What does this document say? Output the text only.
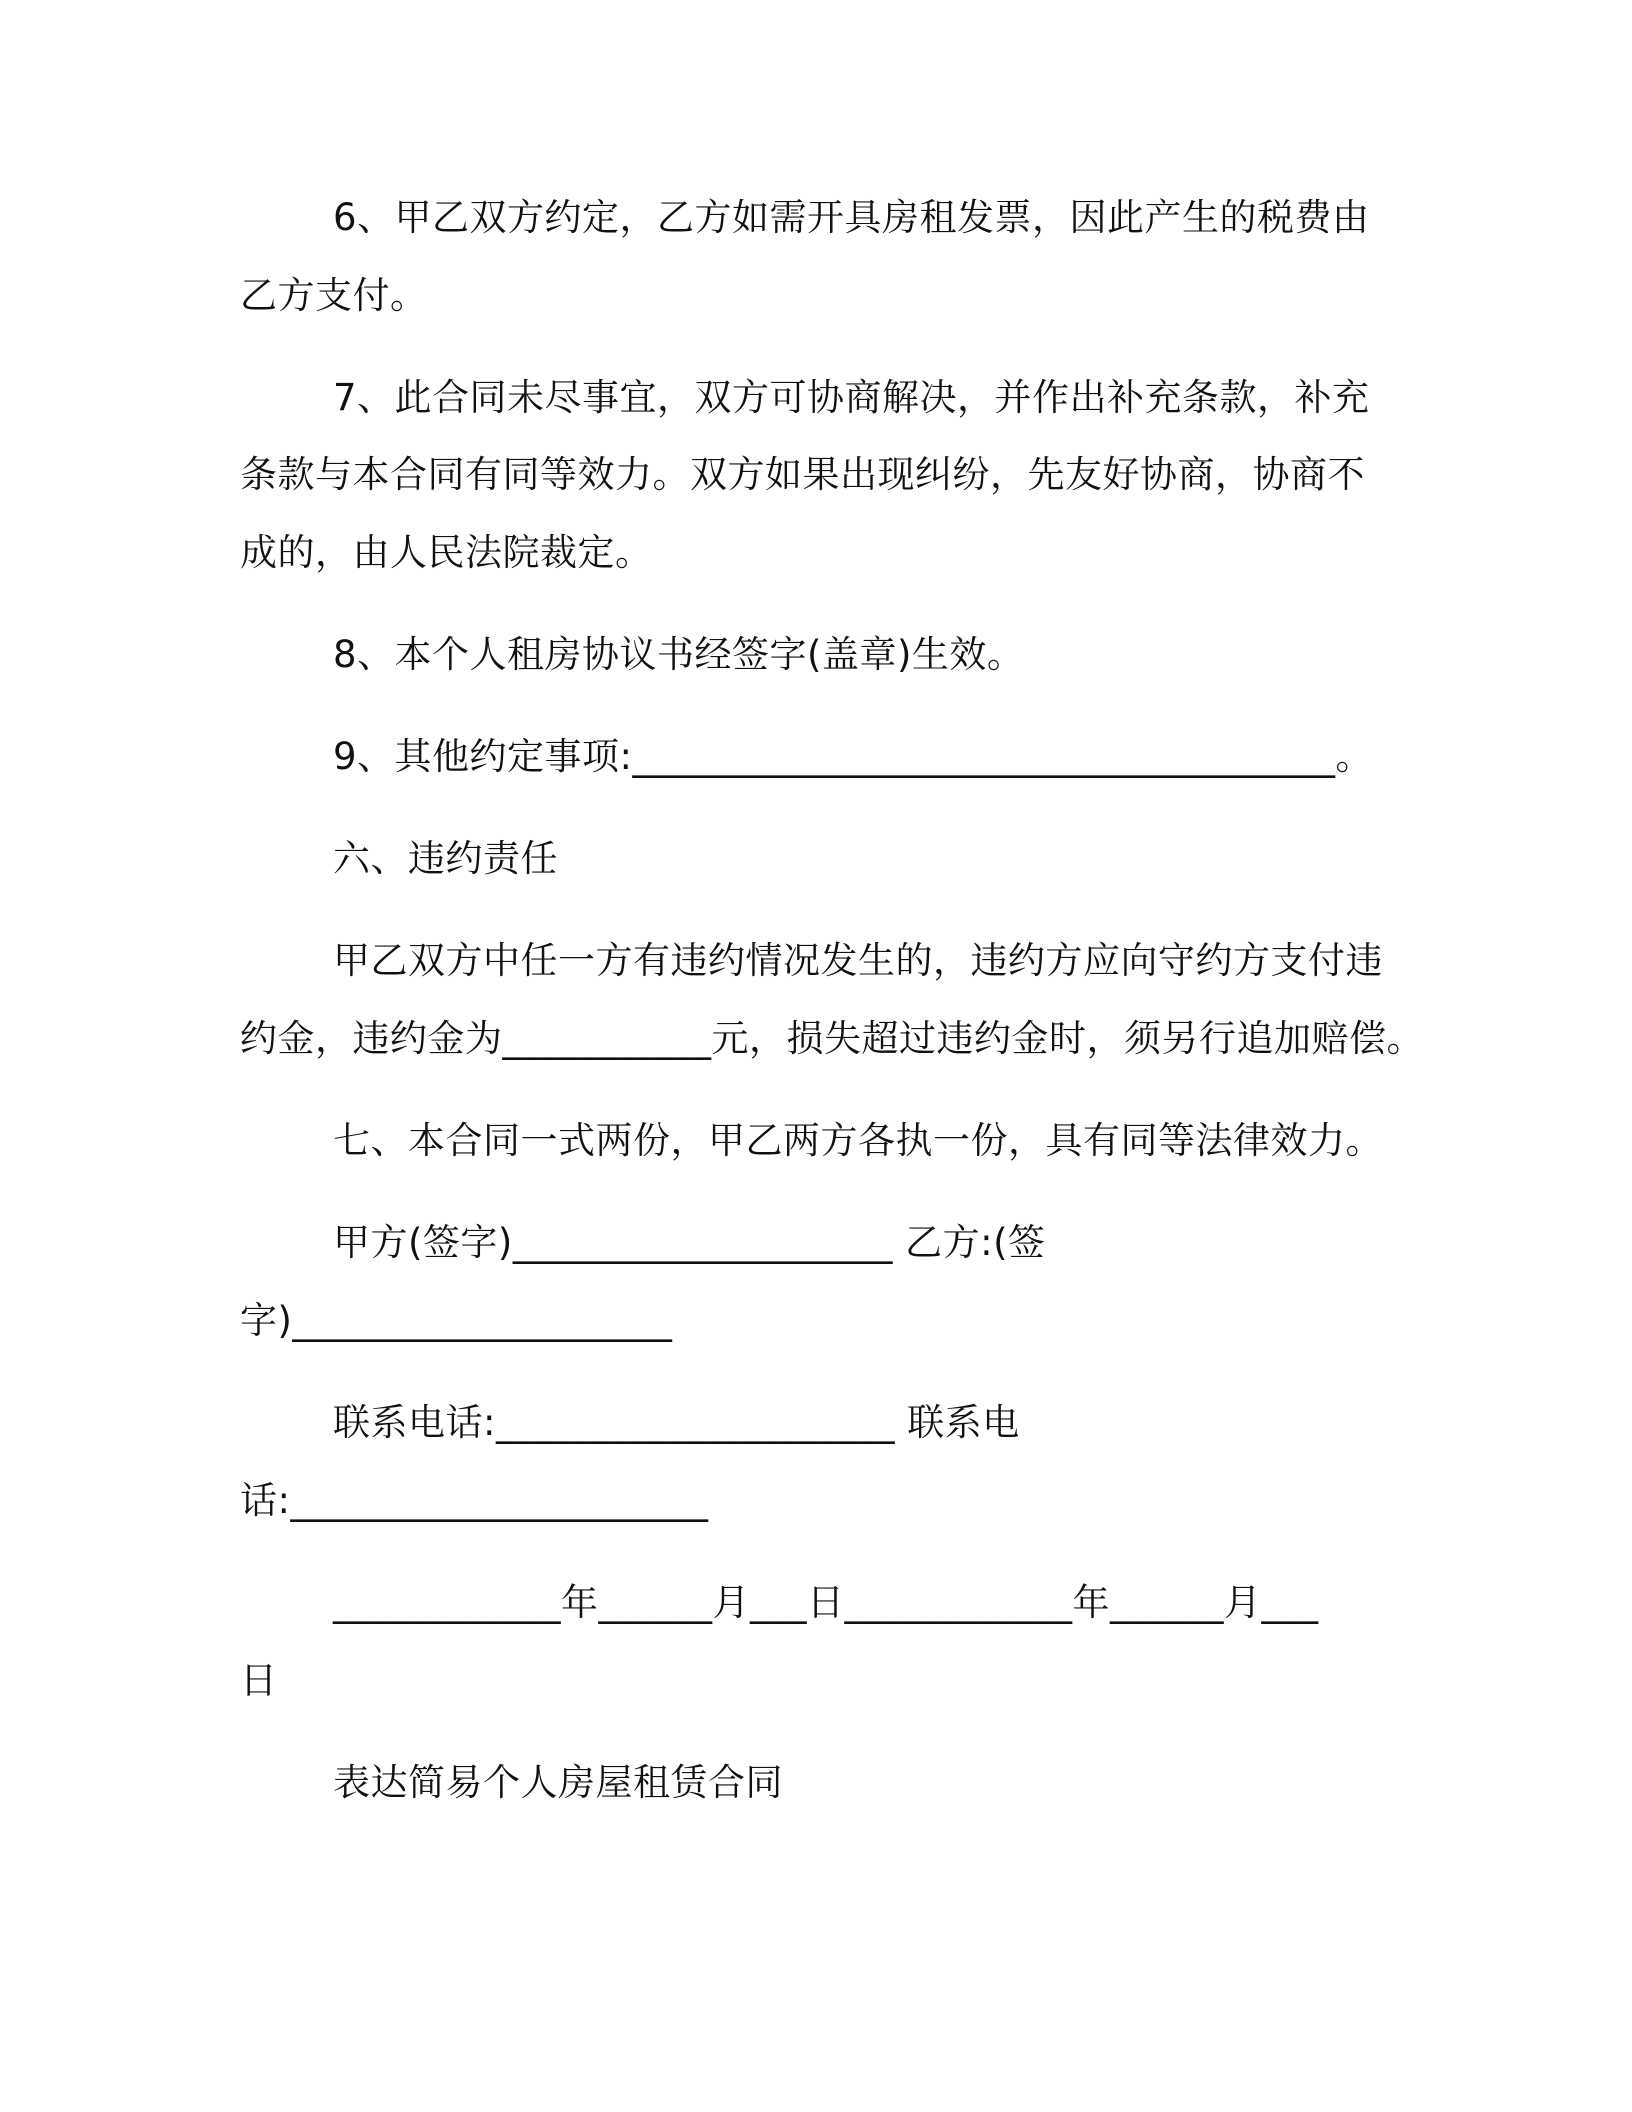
6、甲乙双方约定，乙方如需开具房租发票，因此产生的税费由
乙方支付。
7、此合同未尽事宜，双方可协商解决，并作出补充条款，补充
条款与本合同有同等效力。双方如果出现纠纷，先友好协商，协商不
成的，由人民法院裁定。
8、本个人租房协议书经签字(盖章)生效。
9、其他约定事项:_____________________________________。
六、违约责任
甲乙双方中任一方有违约情况发生的，违约方应向守约方支付违
约金，违约金为___________元，损失超过违约金时，须另行追加赔偿。
七、本合同一式两份，甲乙两方各执一份，具有同等法律效力。
甲方(签字)____________________ 乙方:(签
字)____________________
联系电话:_____________________ 联系电
话:______________________
____________年______月___日____________年______月___
日
表达简易个人房屋租赁合同
